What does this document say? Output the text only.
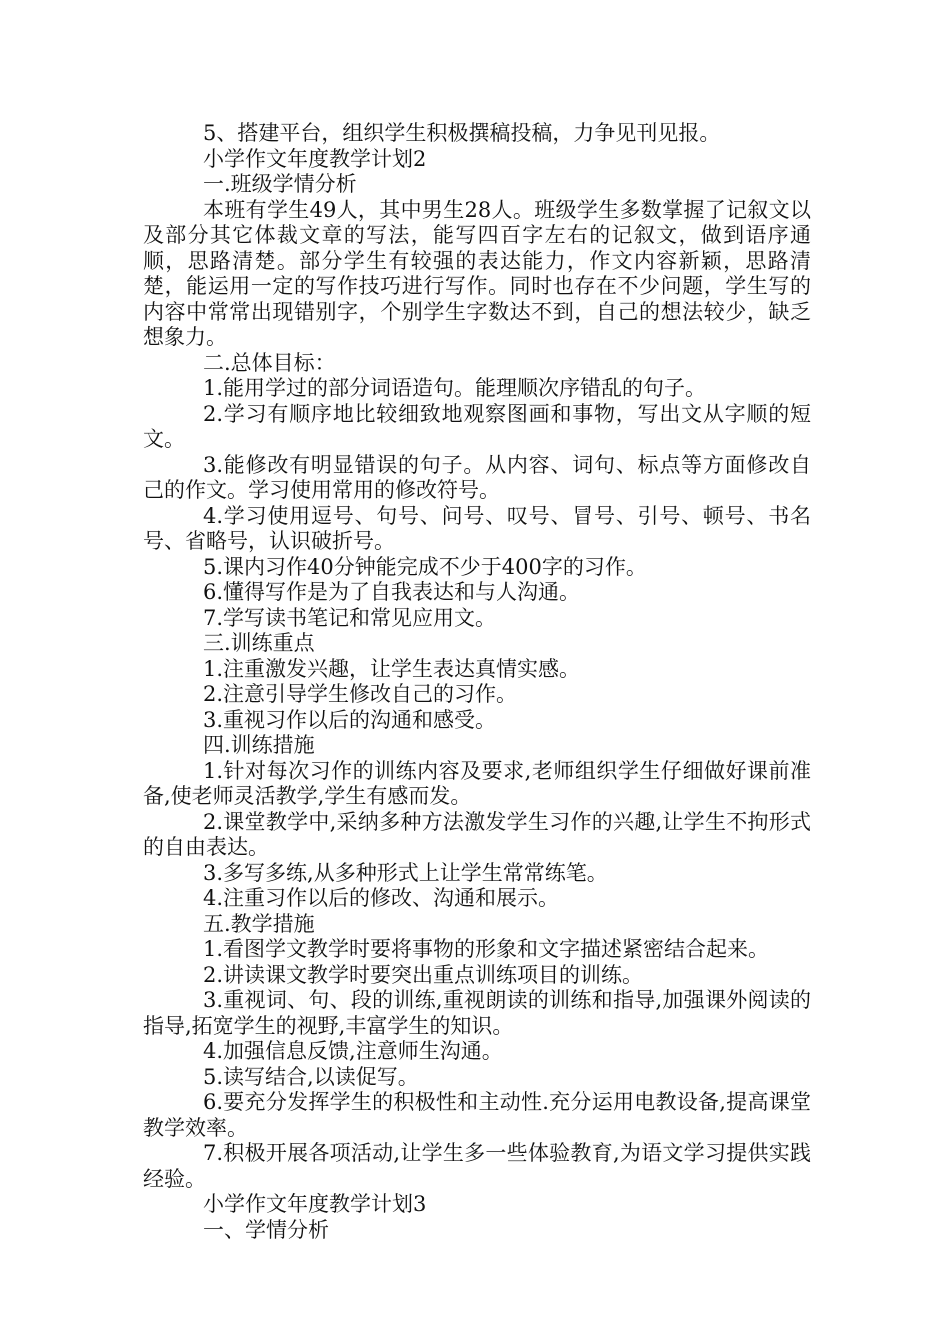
5、搭建平台，组织学生积极撰稿投稿，力争见刊见报。

小学作文年度教学计划2

一.班级学情分析

本班有学生49人，其中男生28人。班级学生多数掌握了记叙文以及部分其它体裁文章的写法，能写四百字左右的记叙文，做到语序通顺，思路清楚。部分学生有较强的表达能力，作文内容新颖，思路清楚，能运用一定的写作技巧进行写作。同时也存在不少问题，学生写的内容中常常出现错别字，个别学生字数达不到，自己的想法较少，缺乏想象力。

二.总体目标：

1.能用学过的部分词语造句。能理顺次序错乱的句子。

2.学习有顺序地比较细致地观察图画和事物，写出文从字顺的短文。

3.能修改有明显错误的句子。从内容、词句、标点等方面修改自己的作文。学习使用常用的修改符号。

4.学习使用逗号、句号、问号、叹号、冒号、引号、顿号、书名号、省略号，认识破折号。

5.课内习作40分钟能完成不少于400字的习作。

6.懂得写作是为了自我表达和与人沟通。

7.学写读书笔记和常见应用文。

三.训练重点

1.注重激发兴趣，让学生表达真情实感。

2.注意引导学生修改自己的习作。

3.重视习作以后的沟通和感受。

四.训练措施

1.针对每次习作的训练内容及要求,老师组织学生仔细做好课前准备,使老师灵活教学,学生有感而发。

2.课堂教学中,采纳多种方法激发学生习作的兴趣,让学生不拘形式的自由表达。

3.多写多练,从多种形式上让学生常常练笔。

4.注重习作以后的修改、沟通和展示。

五.教学措施

1.看图学文教学时要将事物的形象和文字描述紧密结合起来。

2.讲读课文教学时要突出重点训练项目的训练。

3.重视词、句、段的训练,重视朗读的训练和指导,加强课外阅读的指导,拓宽学生的视野,丰富学生的知识。

4.加强信息反馈,注意师生沟通。

5.读写结合,以读促写。

6.要充分发挥学生的积极性和主动性.充分运用电教设备,提高课堂教学效率。

7.积极开展各项活动,让学生多一些体验教育,为语文学习提供实践经验。

小学作文年度教学计划3

一、学情分析
